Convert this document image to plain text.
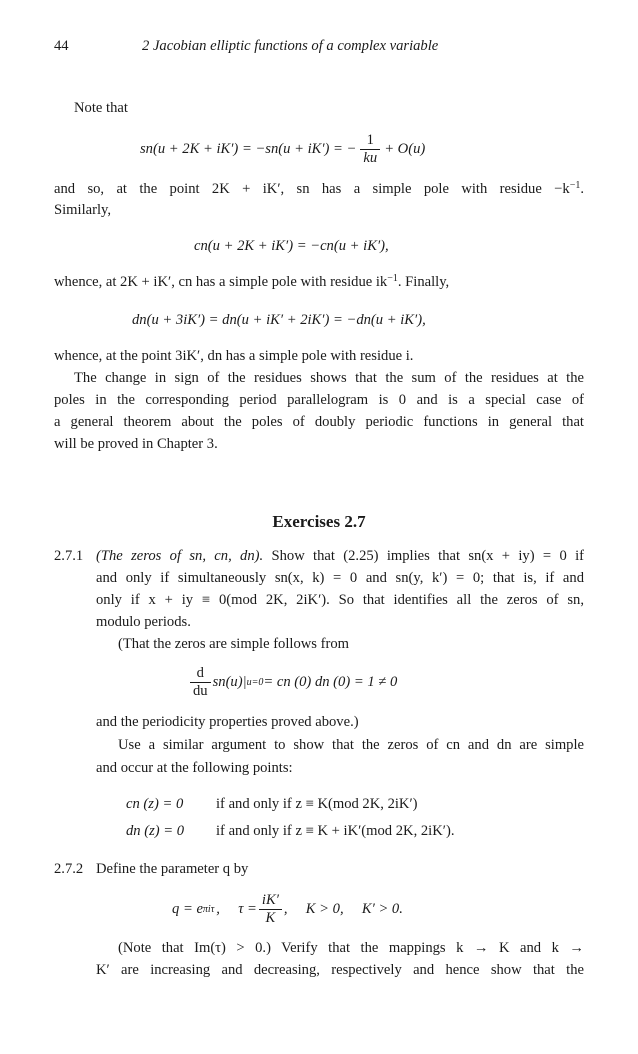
44	2 Jacobian elliptic functions of a complex variable
Note that
sn(u + 2K + iK′) = −sn(u + iK′) = − $\frac{1}{ku} + O(u)$
and so, at the point 2K + iK′, sn has a simple pole with residue $-k^{-1}$.
Similarly,
cn(u + 2K + iK′) = −cn(u + iK′),
whence, at 2K + iK′, cn has a simple pole with residue $ik^{-1}$. Finally,
dn(u + 3iK′) = dn(u + iK′ + 2iK′) = −dn(u + iK′),
whence, at the point 3iK′, dn has a simple pole with residue i.
The change in sign of the residues shows that the sum of the residues at the
poles in the corresponding period parallelogram is 0 and is a special case of
a general theorem about the poles of doubly periodic functions in general that
will be proved in Chapter 3.
Exercises 2.7
2.7.1 (The zeros of sn, cn, dn). Show that (2.25) implies that sn(x + iy) = 0 if
and only if simultaneously sn(x, k) = 0 and sn(y, k′) = 0; that is, if and
only if x + iy ≡ 0(mod 2K, 2iK′). So that identifies all the zeros of sn,
modulo periods.
(That the zeros are simple follows from
$\frac{d}{du} sn(u)|$ u=0 = cn (0) dn (0) = 1 ≠ 0
and the periodicity properties proved above.)
Use a similar argument to show that the zeros of cn and dn are simple
and occur at the following points:
cn (z) = 0 if and only if z ≡ K(mod 2K, 2iK′)
dn (z) = 0 if and only if z ≡ K + iK′(mod 2K, 2iK′).
2.7.2 Define the parameter q by
q = e πiτ ,     $\tau = \frac{iK'}{K}$ ,     K > 0,     K′ > 0.
(Note that Im(τ) > 0.) Verify that the mappings k → K and k →
K′ are increasing and decreasing, respectively and hence show that the
